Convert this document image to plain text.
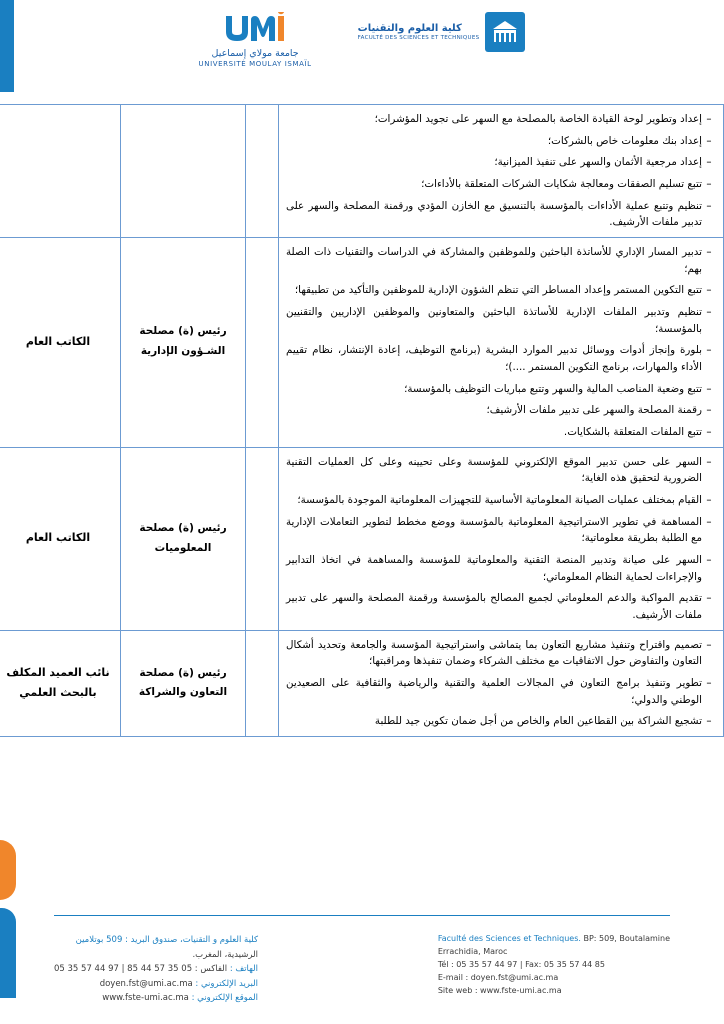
جامعة مولاي إسماعيل
UNIVERSITÉ MOULAY ISMAÏL
كلية العلوم والتقنيات
FACULTÉ DES SCIENCES ET TECHNIQUES
–
إعداد وتطوير لوحة القيادة الخاصة بالمصلحة مع السهر على تجويد المؤشرات؛
–
إعداد بنك معلومات خاص بالشركات؛
–
إعداد مرجعية الأثمان والسهر على تنفيذ الميزانية؛
–
تتبع تسليم الصفقات ومعالجة شكايات الشركات المتعلقة بالأداءات؛
–
تنظيم وتتبع عملية الأداءات بالمؤسسة بالتنسيق مع الخازن المؤدي ورقمنة المصلحة والسهر على تدبير ملفات الأرشيف.

–
تدبير المسار الإداري للأساتذة الباحثين وللموظفين والمشاركة في الدراسات والتقنيات ذات الصلة بهم؛
–
تتبع التكوين المستمر وإعداد المساطر التي تنظم الشؤون الإدارية للموظفين والتأكيد من تطبيقها؛
–
تنظيم وتدبير الملفات الإدارية للأساتذة الباحثين والمتعاونين والموظفين الإداريين والتقنيين بالمؤسسة؛
–
بلورة وإنجاز أدوات ووسائل تدبير الموارد البشرية (برنامج التوظيف، إعادة الإنتشار، نظام تقييم الأداء والمهارات، برنامج التكوين المستمر ....)؛
–
تتبع وضعية المناصب المالية والسهر وتتبع مباريات التوظيف بالمؤسسة؛
–
رقمنة المصلحة والسهر على تدبير ملفات الأرشيف؛
–
تتبع الملفات المتعلقة بالشكايات.
		رئيس (ة) مصلحة الشـؤون الإدارية	الكاتب العام

–
السهر على حسن تدبير الموقع الإلكتروني للمؤسسة وعلى تحيينه وعلى كل العمليات التقنية الضرورية لتحقيق هذه الغاية؛
–
القيام بمختلف عمليات الصيانة المعلوماتية الأساسية للتجهيزات المعلوماتية الموجودة بالمؤسسة؛
–
المساهمة في تطوير الاستراتيجية المعلوماتية بالمؤسسة ووضع مخطط لتطوير التعاملات الإدارية مع الطلبة بطريقة معلوماتية؛
–
السهر على صيانة وتدبير المنصة التقنية والمعلوماتية للمؤسسة والمساهمة في اتخاذ التدابير والإجراءات لحماية النظام المعلوماتي؛
–
تقديم المواكبة والدعم المعلوماتي لجميع المصالح بالمؤسسة ورقمنة المصلحة والسهر على تدبير ملفات الأرشيف.
		رئيس (ة) مصلحة المعلوميات	الكاتب العام

–
تصميم واقتراح وتنفيذ مشاريع التعاون بما يتماشى واستراتيجية المؤسسة والجامعة وتحديد أشكال التعاون والتفاوض حول الاتفاقيات مع مختلف الشركاء وضمان تنفيذها ومراقبتها؛
–
تطوير وتنفيذ برامج التعاون في المجالات العلمية والتقنية والرياضية والثقافية على الصعيدين الوطني والدولي؛
–
تشجيع الشراكة بين القطاعين العام والخاص من أجل ضمان تكوين جيد للطلبة
		رئيس (ة) مصلحة التعاون والشراكة	نائب العميد المكلف بالبحث العلمي
Faculté des Sciences et Techniques. BP: 509, Boutalamine
Errachidia, Maroc
Tél : 05 35 57 44 97 | Fax: 05 35 57 44 85
E-mail : doyen.fst@umi.ac.ma
Site web : www.fste-umi.ac.ma
كلية العلوم و التقنيات، صندوق البريد : 509 بوتلامين
الرشيدية، المغرب.
الهاتف : 05 35 57 44 97 | الفاكس : 05 35 57 44 85
البريد الإلكتروني : doyen.fst@umi.ac.ma
الموقع الإلكتروني : www.fste-umi.ac.ma
